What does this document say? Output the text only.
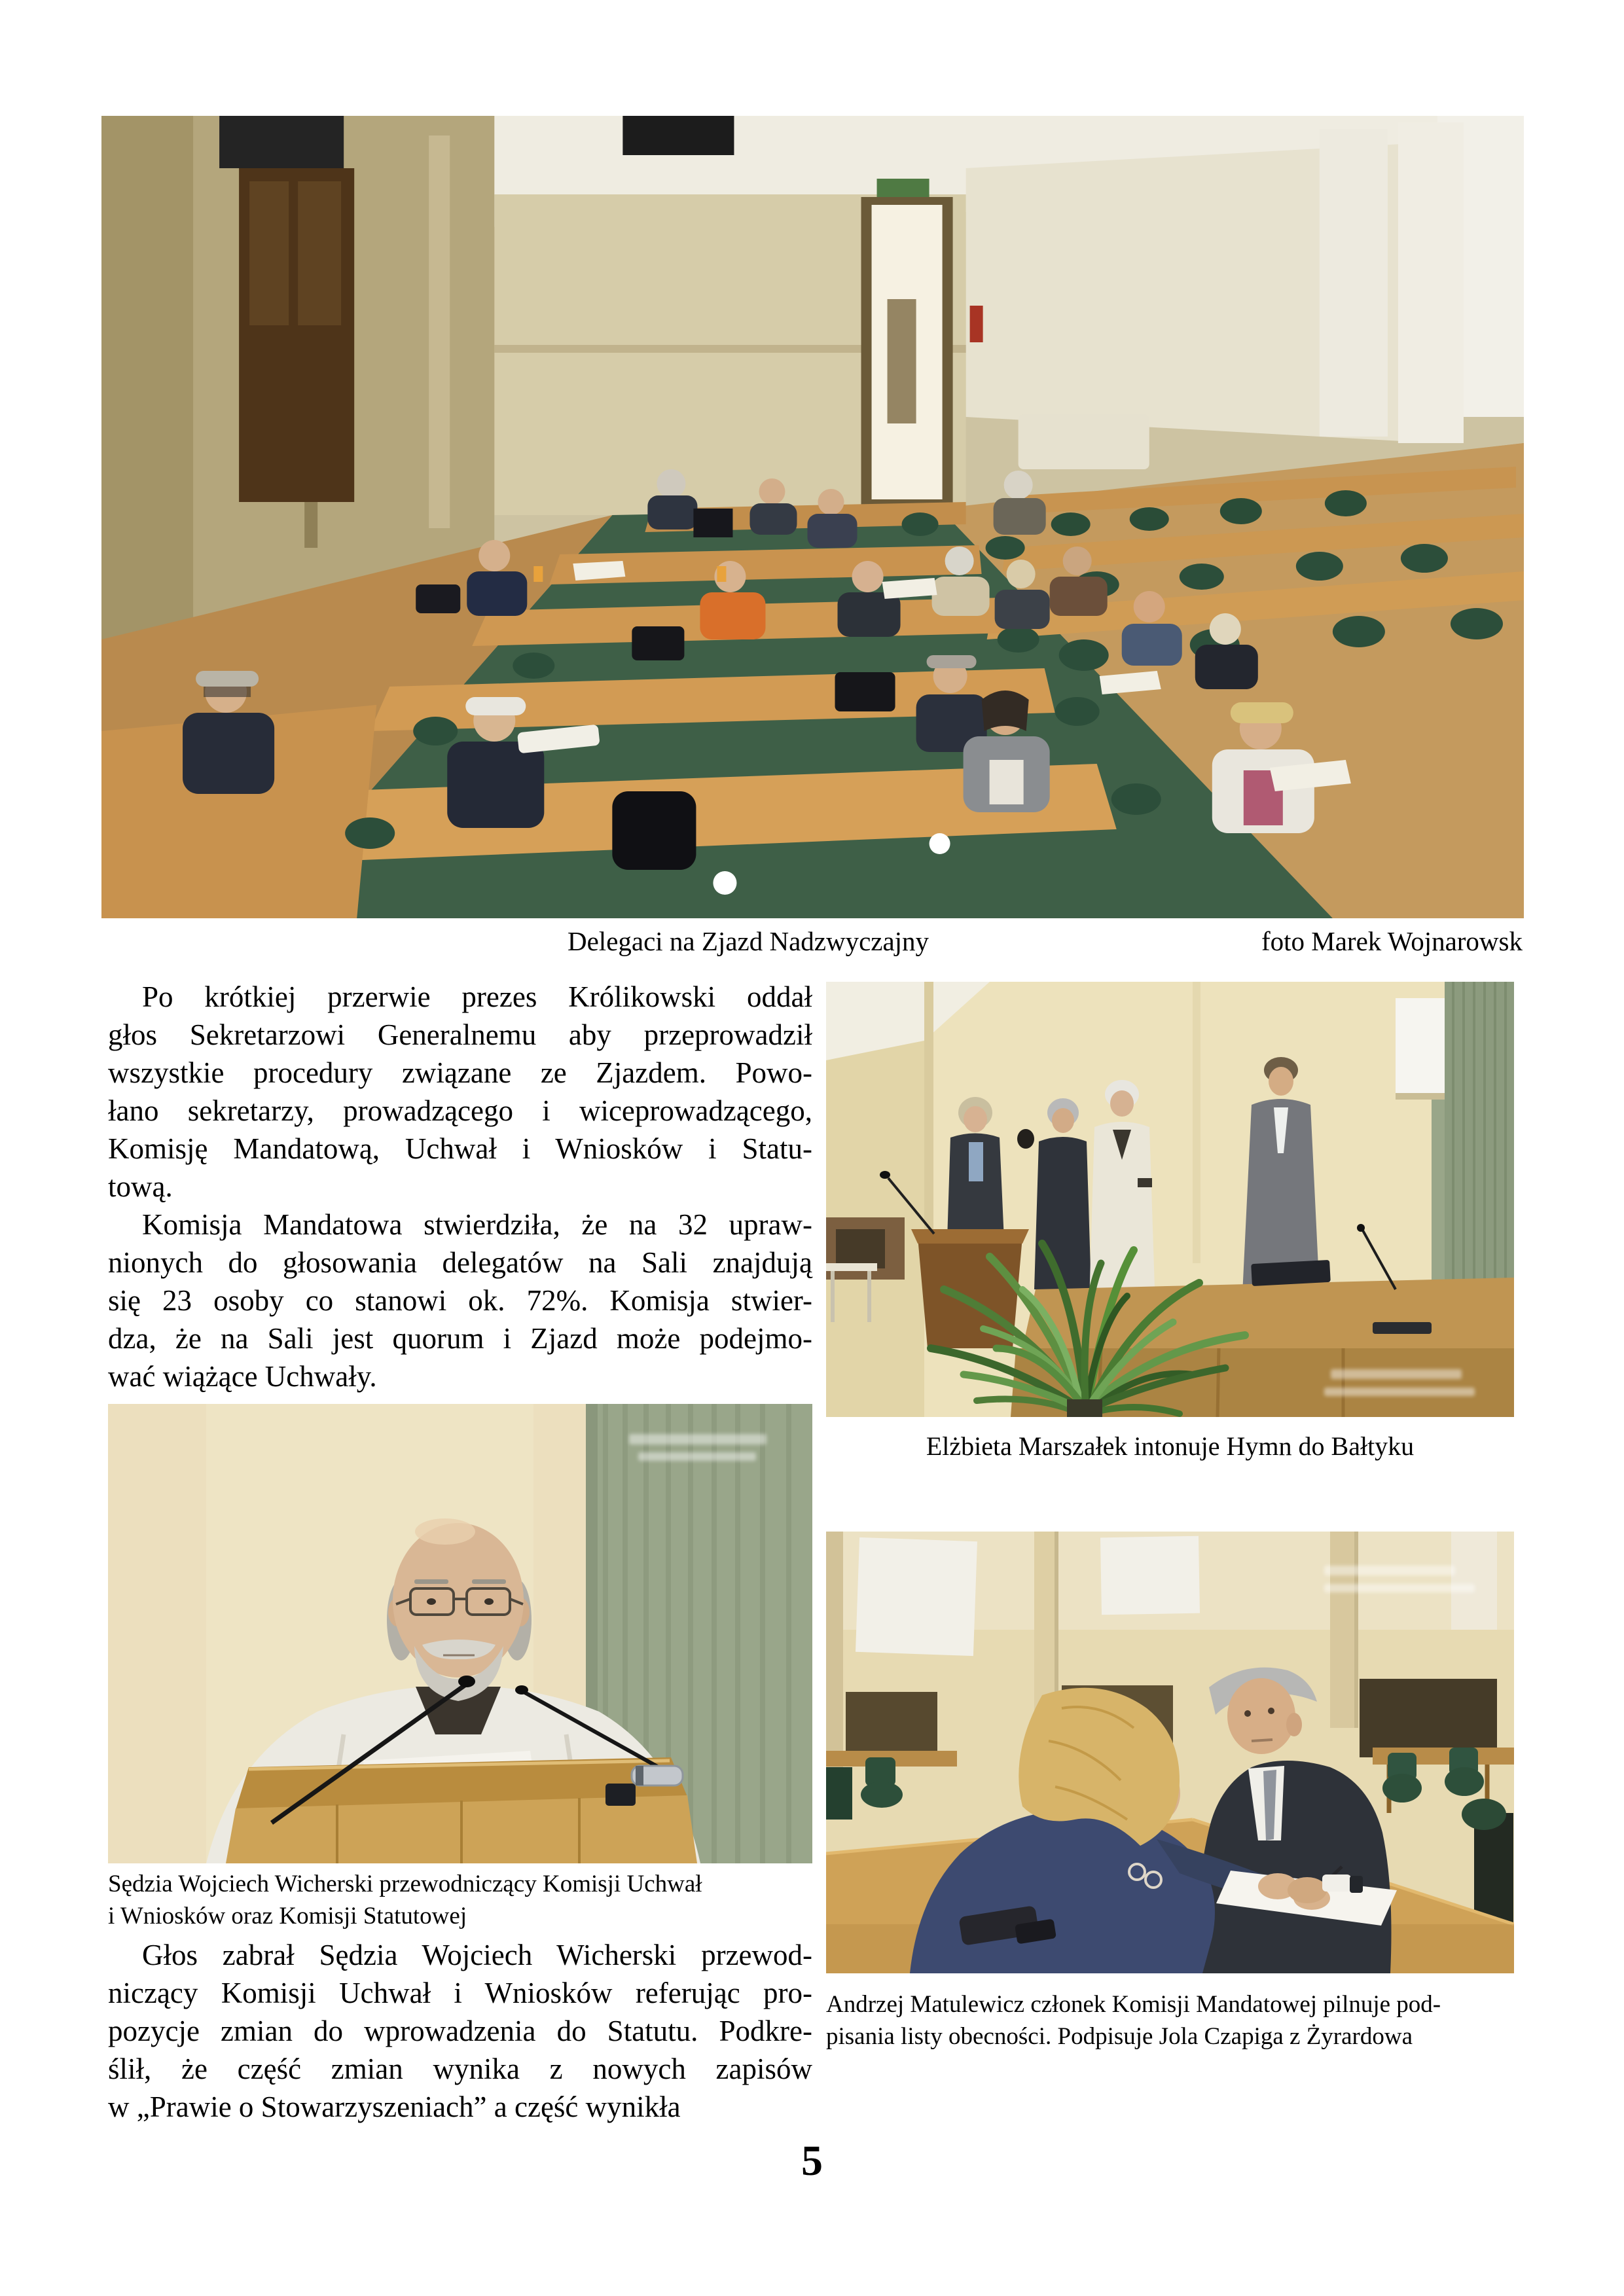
Delegaci na Zjazd Nadzwyczajny	foto Marek Wojnarowsk
Po krótkiej przerwie prezes Królikowski oddał
głos Sekretarzowi Generalnemu aby przeprowadził
wszystkie procedury związane ze Zjazdem. Powo-
łano sekretarzy, prowadzącego i wiceprowadzącego,
Komisję Mandatową, Uchwał i Wniosków i Statu-
tową.
Komisja Mandatowa stwierdziła, że na 32 upraw-
nionych do głosowania delegatów na Sali znajdują
się 23 osoby co stanowi ok. 72%. Komisja stwier-
dza, że na Sali jest quorum i Zjazd może podejmo-
wać wiążące Uchwały.
Sędzia Wojciech Wicherski przewodniczący Komisji Uchwał
i Wniosków oraz Komisji Statutowej
Głos zabrał Sędzia Wojciech Wicherski przewod-
niczący Komisji Uchwał i Wniosków referując pro-
pozycje zmian do wprowadzenia do Statutu. Podkre-
ślił, że część zmian wynika z nowych zapisów
w „Prawie o Stowarzyszeniach” a część wynikła
Elżbieta Marszałek intonuje Hymn do Bałtyku
Andrzej Matulewicz członek Komisji Mandatowej pilnuje pod-
pisania listy obecności. Podpisuje Jola Czapiga z Żyrardowa
5
